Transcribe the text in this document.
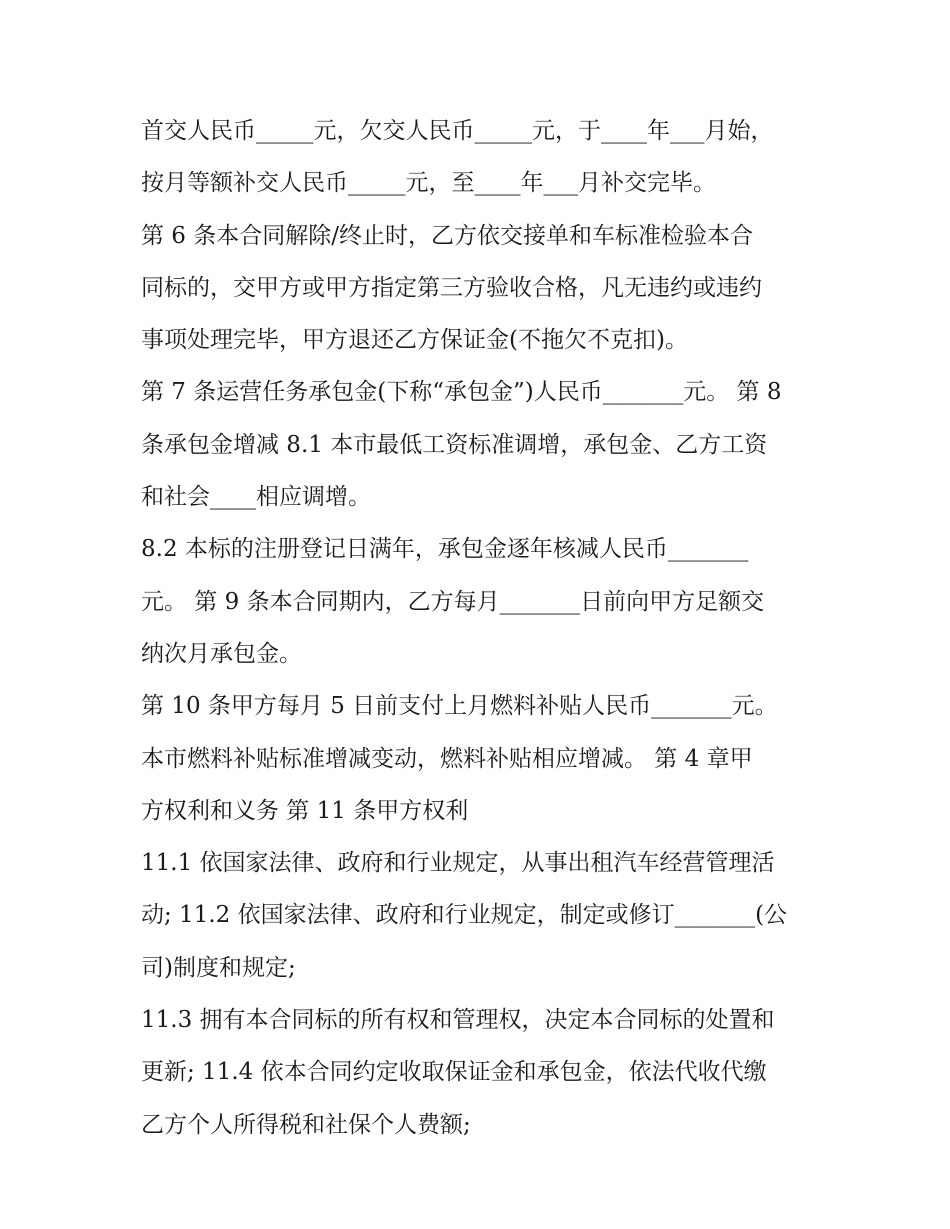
首交人民币_____元，欠交人民币_____元，于____年___月始，
按月等额补交人民币_____元，至____年___月补交完毕。
第 6 条本合同解除/终止时，乙方依交接单和车标准检验本合
同标的，交甲方或甲方指定第三方验收合格，凡无违约或违约
事项处理完毕，甲方退还乙方保证金(不拖欠不克扣)。
第 7 条运营任务承包金(下称“承包金”)人民币_______元。 第 8
条承包金增减 8.1 本市最低工资标准调增，承包金、乙方工资
和社会____相应调增。
8.2 本标的注册登记日满年，承包金逐年核减人民币_______
元。 第 9 条本合同期内，乙方每月_______日前向甲方足额交
纳次月承包金。
第 10 条甲方每月 5 日前支付上月燃料补贴人民币_______元。
本市燃料补贴标准增减变动，燃料补贴相应增减。 第 4 章甲
方权利和义务 第 11 条甲方权利
11.1 依国家法律、政府和行业规定，从事出租汽车经营管理活
动; 11.2 依国家法律、政府和行业规定，制定或修订_______(公
司)制度和规定;
11.3 拥有本合同标的所有权和管理权，决定本合同标的处置和
更新; 11.4 依本合同约定收取保证金和承包金，依法代收代缴
乙方个人所得税和社保个人费额;
